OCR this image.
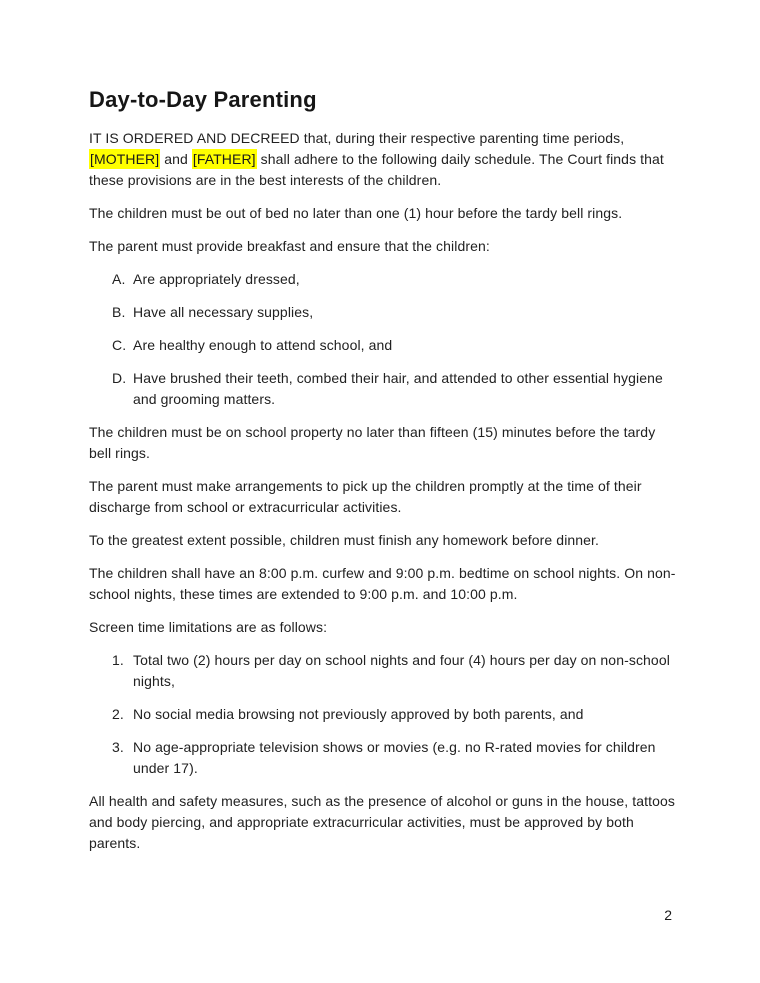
Day-to-Day Parenting

IT IS ORDERED AND DECREED that, during their respective parenting time periods, [MOTHER] and [FATHER] shall adhere to the following daily schedule. The Court finds that these provisions are in the best interests of the children.

The children must be out of bed no later than one (1) hour before the tardy bell rings.

The parent must provide breakfast and ensure that the children:

A. Are appropriately dressed,
B. Have all necessary supplies,
C. Are healthy enough to attend school, and
D. Have brushed their teeth, combed their hair, and attended to other essential hygiene and grooming matters.

The children must be on school property no later than fifteen (15) minutes before the tardy bell rings.

The parent must make arrangements to pick up the children promptly at the time of their discharge from school or extracurricular activities.

To the greatest extent possible, children must finish any homework before dinner.

The children shall have an 8:00 p.m. curfew and 9:00 p.m. bedtime on school nights. On non-school nights, these times are extended to 9:00 p.m. and 10:00 p.m.

Screen time limitations are as follows:

1. Total two (2) hours per day on school nights and four (4) hours per day on non-school nights,
2. No social media browsing not previously approved by both parents, and
3. No age-appropriate television shows or movies (e.g. no R-rated movies for children under 17).

All health and safety measures, such as the presence of alcohol or guns in the house, tattoos and body piercing, and appropriate extracurricular activities, must be approved by both parents.

2
